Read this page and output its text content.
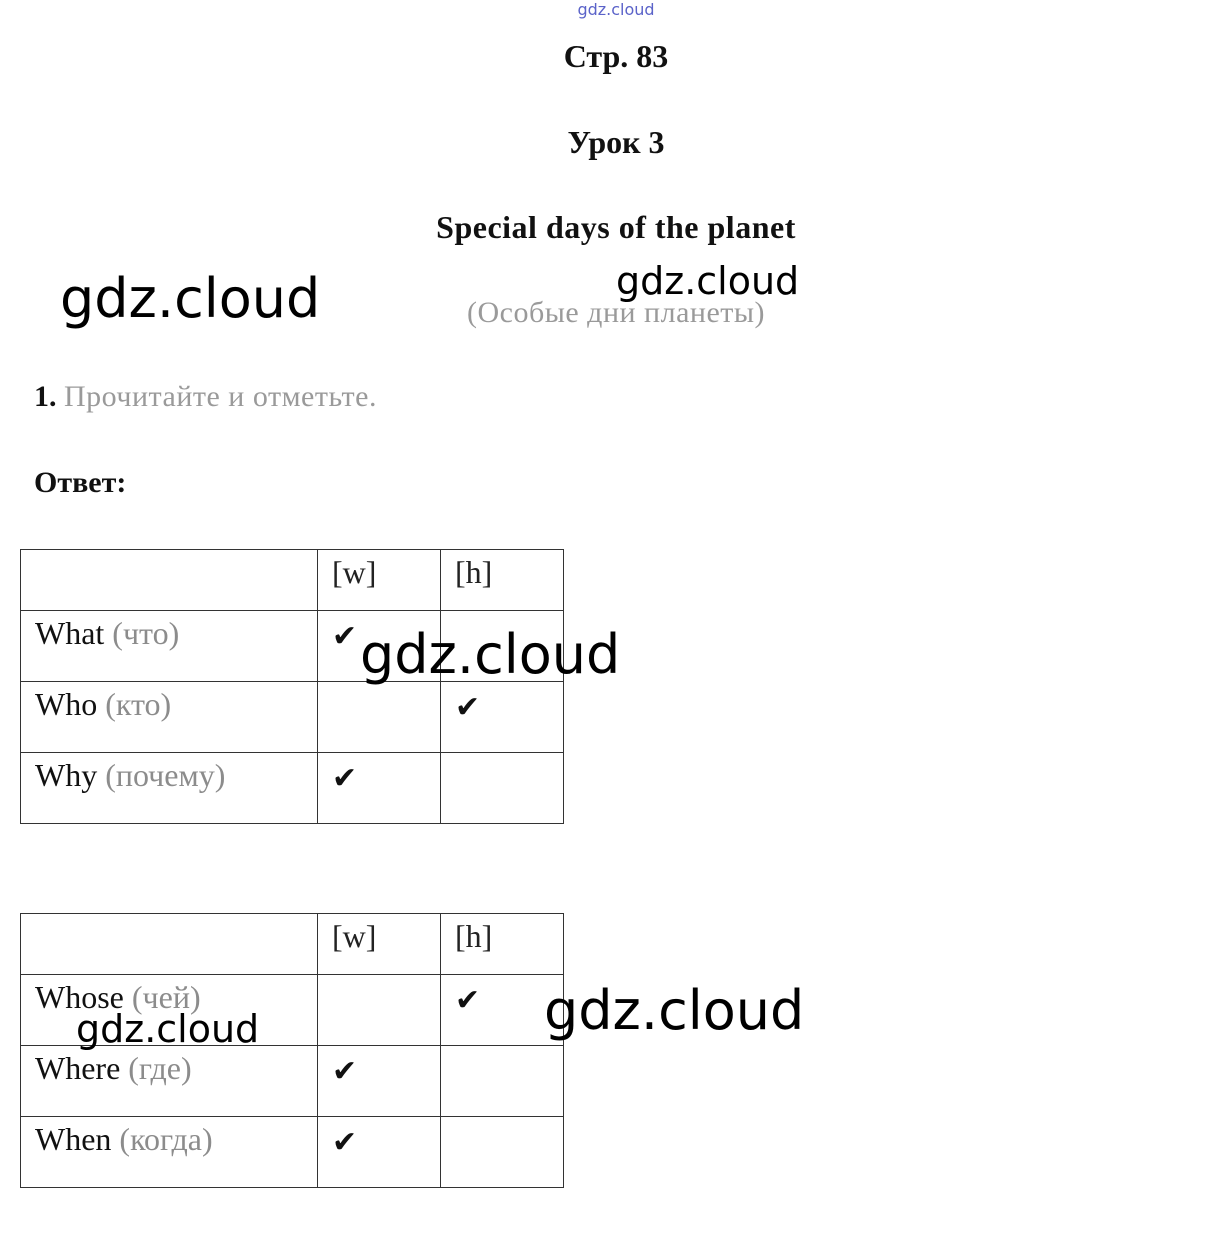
gdz.cloud
Стр. 83
Урок 3
Special days of the planet
(Особые дни планеты)
1. Прочитайте и отметьте.
Ответ:

	[w]	[h]

What (что)	✔	

Who (кто)		✔

Why (почему)	✔	

	[w]	[h]

Whose (чей)		✔

Where (где)	✔	

When (когда)	✔	

gdz.cloud	gdz.cloud
gdz.cloud
gdz.cloud	gdz.cloud
